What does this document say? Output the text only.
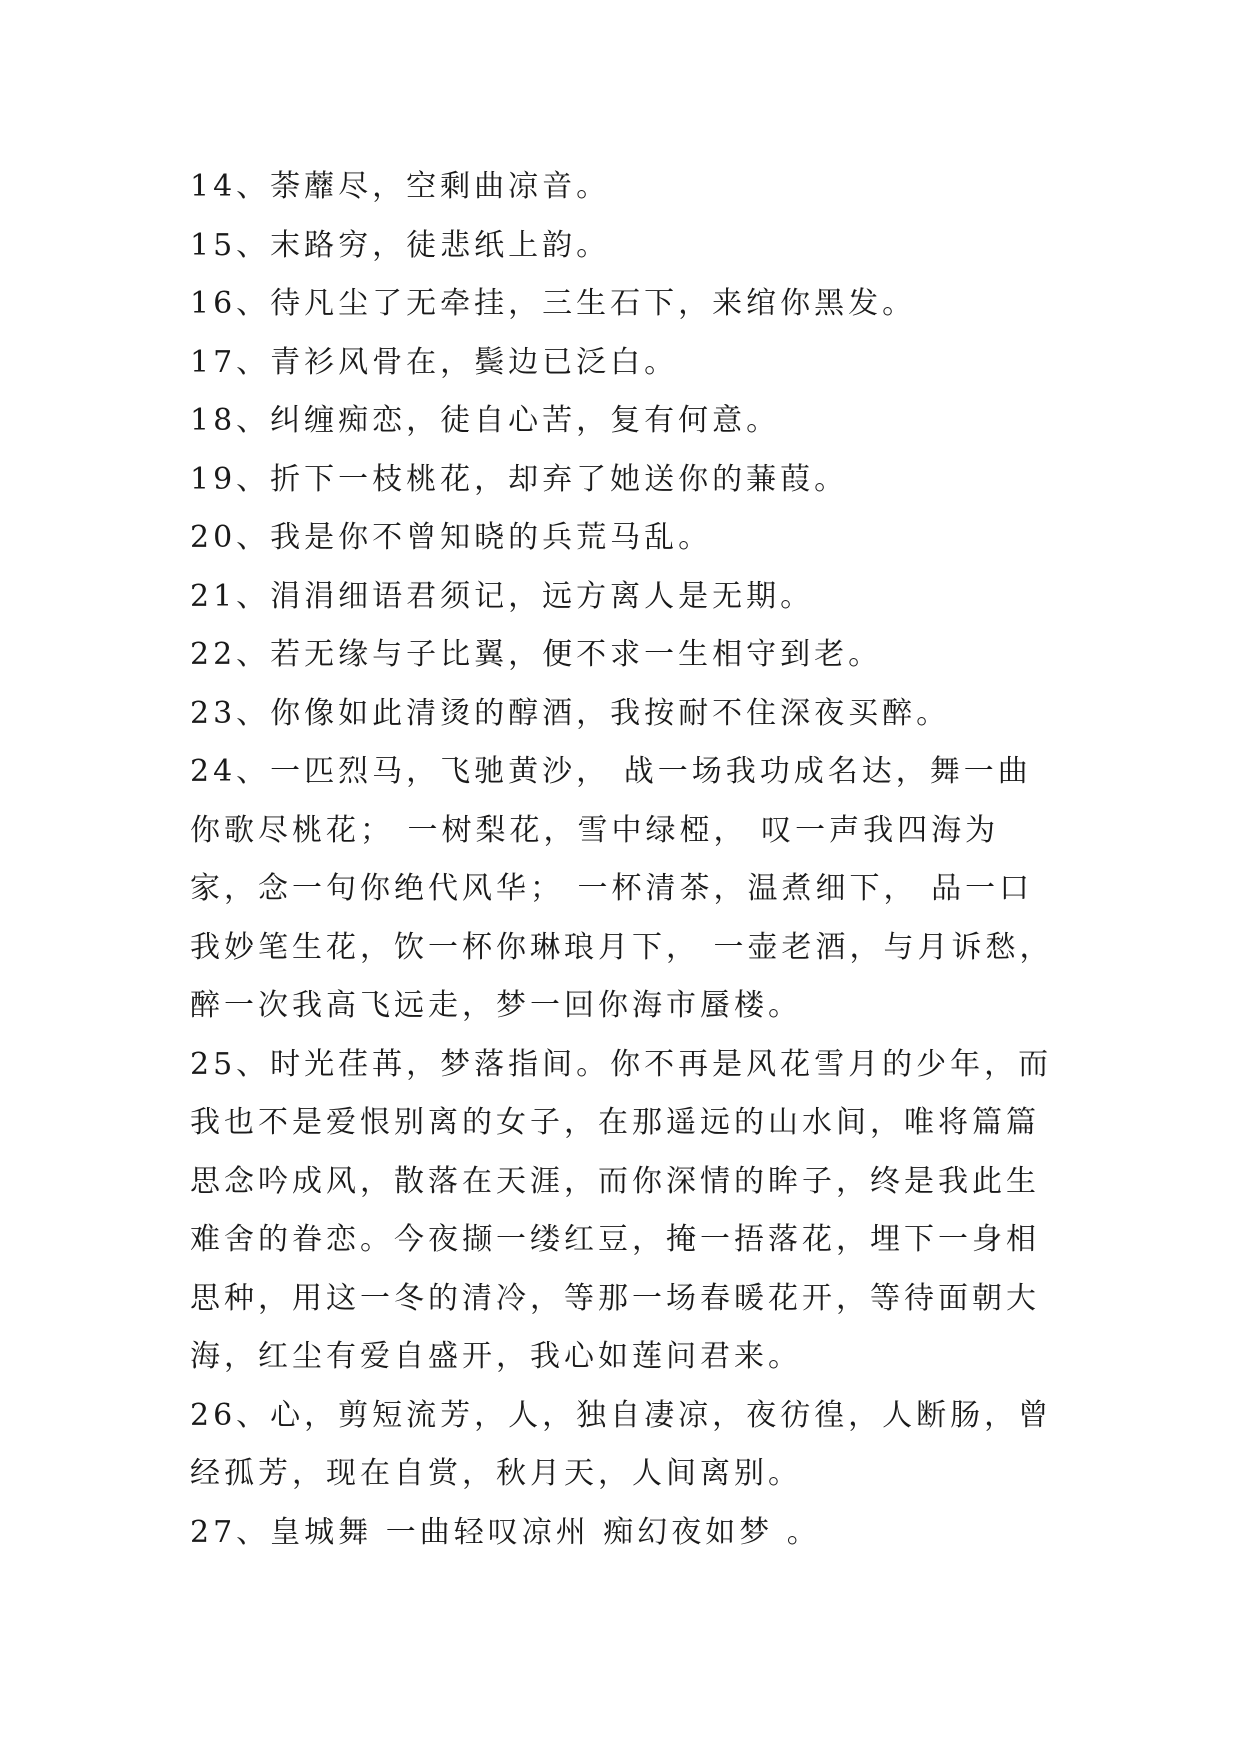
14、荼蘼尽，空剩曲凉音。

15、末路穷，徒悲纸上韵。

16、待凡尘了无牵挂，三生石下，来绾你黑发。

17、青衫风骨在，鬓边已泛白。

18、纠缠痴恋，徒自心苦，复有何意。

19、折下一枝桃花，却弃了她送你的蒹葭。

20、我是你不曾知晓的兵荒马乱。

21、涓涓细语君须记，远方离人是无期。

22、若无缘与子比翼，便不求一生相守到老。

23、你像如此清烫的醇酒，我按耐不住深夜买醉。

24、一匹烈马，飞驰黄沙， 战一场我功成名达，舞一曲你歌尽桃花； 一树梨花，雪中绿椏， 叹一声我四海为家，念一句你绝代风华； 一杯清茶，温煮细下， 品一口我妙笔生花，饮一杯你琳琅月下， 一壶老酒，与月诉愁， 醉一次我高飞远走，梦一回你海市蜃楼。

25、时光荏苒，梦落指间。你不再是风花雪月的少年，而我也不是爱恨别离的女子，在那遥远的山水间，唯将篇篇思念吟成风，散落在天涯，而你深情的眸子，终是我此生难舍的眷恋。今夜撷一缕红豆，掩一捂落花，埋下一身相思种，用这一冬的清冷，等那一场春暖花开，等待面朝大海，红尘有爱自盛开，我心如莲问君来。

26、心，剪短流芳，人，独自凄凉，夜彷徨，人断肠，曾经孤芳，现在自赏，秋月天，人间离别。

27、皇城舞 一曲轻叹凉州 痴幻夜如梦 。
